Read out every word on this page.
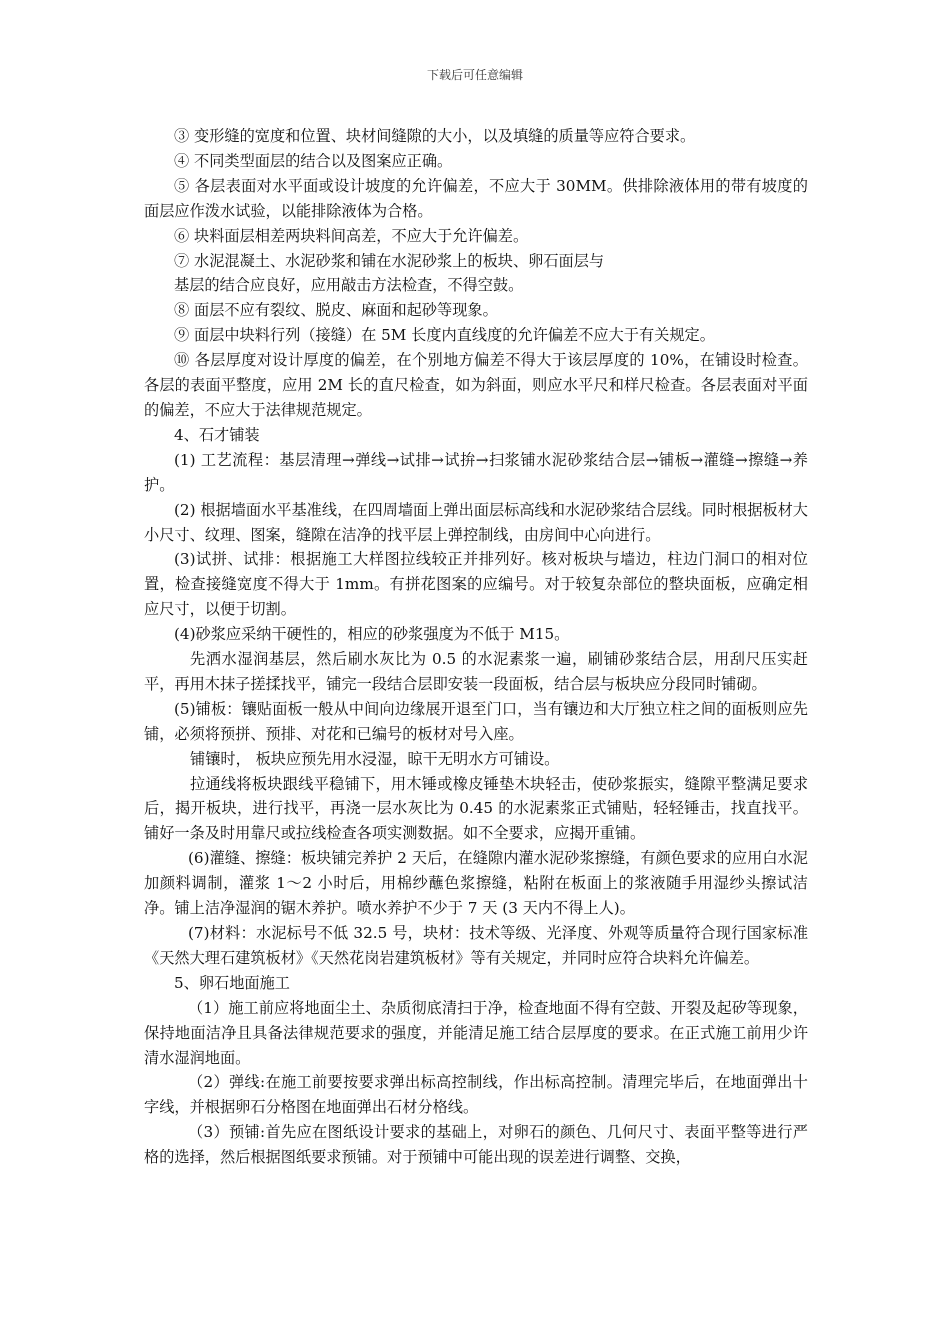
下载后可任意编辑

③ 变形缝的宽度和位置、块材间缝隙的大小，以及填缝的质量等应符合要求。

④ 不同类型面层的结合以及图案应正确。

⑤ 各层表面对水平面或设计坡度的允许偏差，不应大于 30MM。供排除液体用的带有坡度的面层应作泼水试验，以能排除液体为合格。

⑥ 块料面层相差两块料间高差，不应大于允许偏差。

⑦ 水泥混凝土、水泥砂浆和铺在水泥砂浆上的板块、卵石面层与

基层的结合应良好，应用敲击方法检查，不得空鼓。

⑧ 面层不应有裂纹、脱皮、麻面和起砂等现象。

⑨ 面层中块料行列（接缝）在 5M 长度内直线度的允许偏差不应大于有关规定。

⑩ 各层厚度对设计厚度的偏差，在个别地方偏差不得大于该层厚度的 10%，在铺设时检查。各层的表面平整度，应用 2M 长的直尺检查，如为斜面，则应水平尺和样尺检查。各层表面对平面的偏差，不应大于法律规范规定。

4、石才铺装

(1) 工艺流程：基层清理→弹线→试排→试拚→扫浆铺水泥砂浆结合层→铺板→灌缝→擦缝→养护。

(2) 根据墙面水平基准线，在四周墙面上弹出面层标高线和水泥砂浆结合层线。同时根据板材大小尺寸、纹理、图案，缝隙在洁净的找平层上弹控制线，由房间中心向进行。

(3)试拼、试排：根据施工大样图拉线较正并排列好。核对板块与墙边，柱边门洞口的相对位置，检查接缝宽度不得大于 1mm。有拼花图案的应编号。对于较复杂部位的整块面板，应确定相应尺寸，以便于切割。

(4)砂浆应采纳干硬性的，相应的砂浆强度为不低于 M15。

先洒水湿润基层，然后刷水灰比为 0.5 的水泥素浆一遍，刷铺砂浆结合层，用刮尺压实赶平，再用木抹子搓揉找平，铺完一段结合层即安装一段面板，结合层与板块应分段同时铺砌。

(5)铺板：镶贴面板一般从中间向边缘展开退至门口，当有镶边和大厅独立柱之间的面板则应先铺，必须将预拼、预排、对花和已编号的板材对号入座。

铺镶时， 板块应预先用水浸湿，晾干无明水方可铺设。

拉通线将板块跟线平稳铺下，用木锤或橡皮锤垫木块轻击，使砂浆振实，缝隙平整满足要求后，揭开板块，进行找平，再浇一层水灰比为 0.45 的水泥素浆正式铺贴，轻轻锤击，找直找平。铺好一条及时用靠尺或拉线检查各项实测数据。如不全要求，应揭开重铺。

(6)灌缝、擦缝：板块铺完养护 2 天后，在缝隙内灌水泥砂浆擦缝，有颜色要求的应用白水泥加颜料调制，灌浆 1～2 小时后，用棉纱蘸色浆擦缝，粘附在板面上的浆液随手用湿纱头擦试洁净。铺上洁净湿润的锯木养护。喷水养护不少于 7 天 (3 天内不得上人)。

(7)材料：水泥标号不低 32.5 号，块材：技术等级、光泽度、外观等质量符合现行国家标准《天然大理石建筑板材》《天然花岗岩建筑板材》等有关规定，并同时应符合块料允许偏差。

5、卵石地面施工

（1）施工前应将地面尘土、杂质彻底清扫于净，检查地面不得有空鼓、开裂及起矽等现象，保持地面洁净且具备法律规范要求的强度，并能清足施工结合层厚度的要求。在正式施工前用少许清水湿润地面。

（2）弹线:在施工前要按要求弹出标高控制线，作出标高控制。清理完毕后，在地面弹出十字线，并根据卵石分格图在地面弹出石材分格线。

（3）预铺:首先应在图纸设计要求的基础上，对卵石的颜色、几何尺寸、表面平整等进行严格的选择，然后根据图纸要求预铺。对于预铺中可能出现的误差进行调整、交换，
